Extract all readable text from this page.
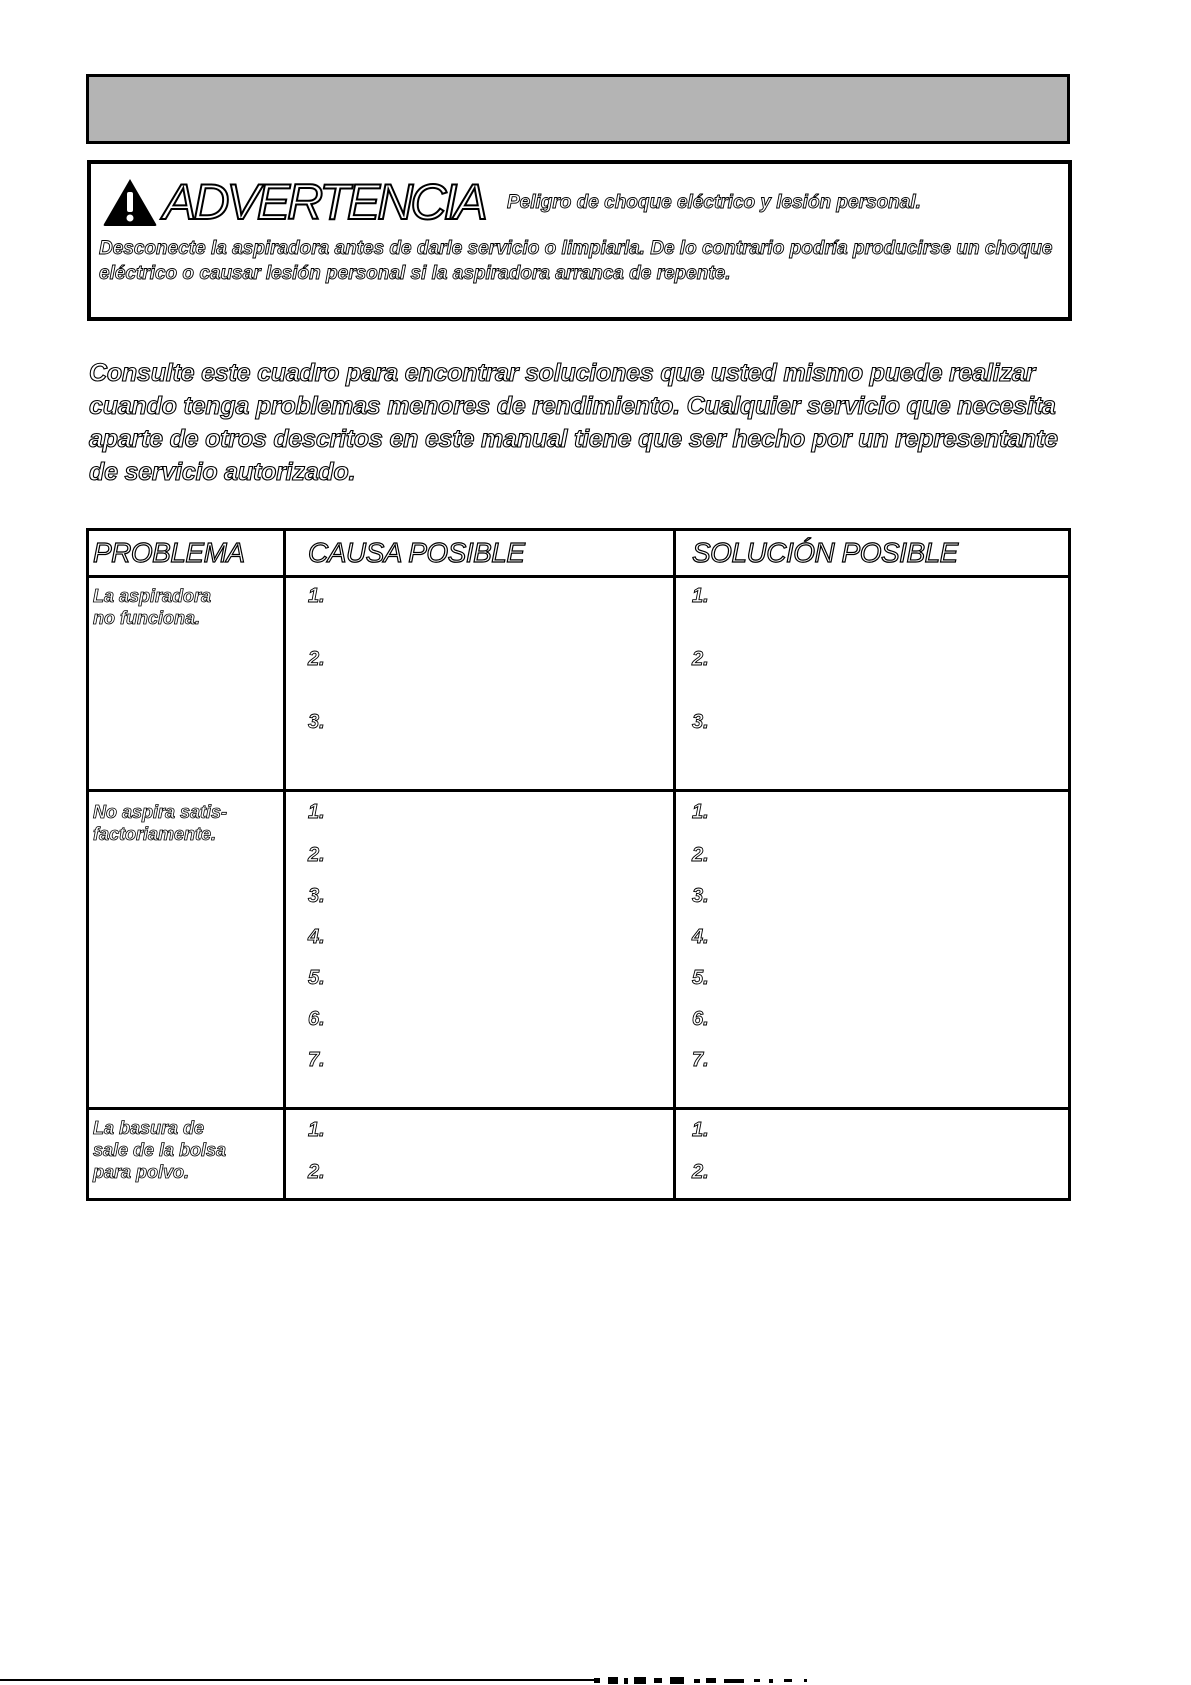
ADVERTENCIA Peligro de choque eléctrico y lesión personal.
Desconecte la aspiradora antes de darle servicio o limpiarla. De lo contrario podría producirse un choque eléctrico o causar lesión personal si la aspiradora arranca de repente.
Consulte este cuadro para encontrar soluciones que usted mismo puede realizar cuando tenga problemas menores de rendimiento. Cualquier servicio que necesita aparte de otros descritos en este manual tiene que ser hecho por un representante de servicio autorizado.
PROBLEMA CAUSA POSIBLE	SOLUCIÓN POSIBLE
La aspiradora
no funciona.
1.
2.
3.
1.
2.
3.
No aspira satis-
factoriamente.
1.
2.
3.
4.
5.
6.
7.
1.
2.
3.
4.
5.
6.
7.
La basura de
sale de la bolsa
para polvo.
1.
2.
1.
2.
